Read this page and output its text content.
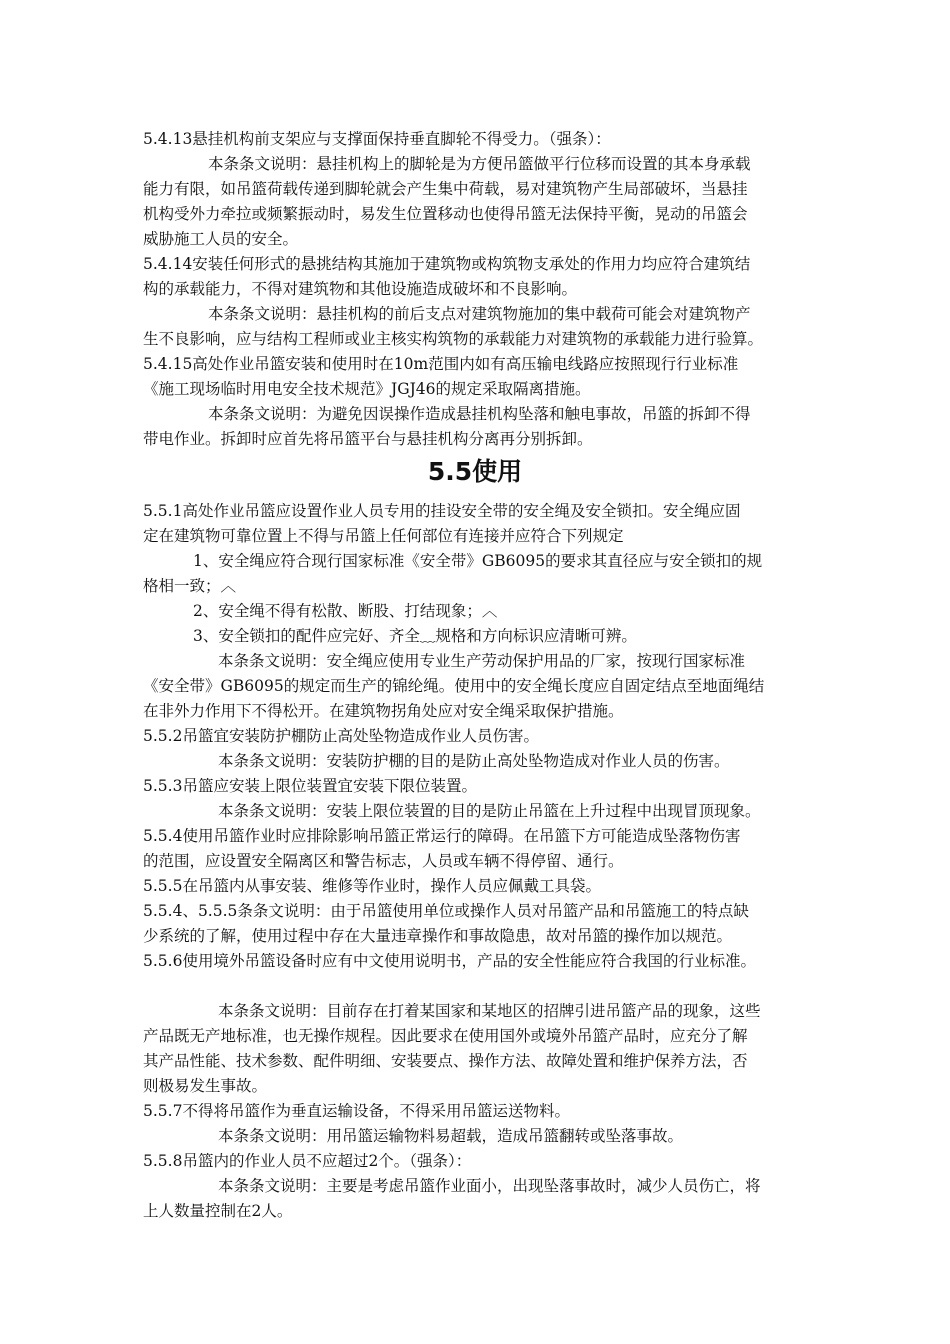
5.4.13悬挂机构前支架应与支撑面保持垂直脚轮不得受力。（强条）：
本条条文说明：悬挂机构上的脚轮是为方便吊篮做平行位移而设置的其本身承载
能力有限，如吊篮荷载传递到脚轮就会产生集中荷载，易对建筑物产生局部破坏，当悬挂
机构受外力牵拉或频繁振动时，易发生位置移动也使得吊篮无法保持平衡，晃动的吊篮会
威胁施工人员的安全。
5.4.14安装任何形式的悬挑结构其施加于建筑物或构筑物支承处的作用力均应符合建筑结
构的承载能力，不得对建筑物和其他设施造成破坏和不良影响。
本条条文说明：悬挂机构的前后支点对建筑物施加的集中载荷可能会对建筑物产
生不良影响，应与结构工程师或业主核实构筑物的承载能力对建筑物的承载能力进行验算。
5.4.15高处作业吊篮安装和使用时在10m范围内如有高压输电线路应按照现行行业标准
《施工现场临时用电安全技术规范》JGJ46的规定采取隔离措施。
本条条文说明：为避免因误操作造成悬挂机构坠落和触电事故，吊篮的拆卸不得
带电作业。拆卸时应首先将吊篮平台与悬挂机构分离再分别拆卸。
5.5使用
5.5.1高处作业吊篮应设置作业人员专用的挂设安全带的安全绳及安全锁扣。安全绳应固
定在建筑物可靠位置上不得与吊篮上任何部位有连接并应符合下列规定
1、安全绳应符合现行国家标准《安全带》GB6095的要求其直径应与安全锁扣的规
格相一致；︿
2、安全绳不得有松散、断股、打结现象；︿
3、安全锁扣的配件应完好、齐全﹏规格和方向标识应清晰可辨。
本条条文说明：安全绳应使用专业生产劳动保护用品的厂家，按现行国家标准
《安全带》GB6095的规定而生产的锦纶绳。使用中的安全绳长度应自固定结点至地面绳结
在非外力作用下不得松开。在建筑物拐角处应对安全绳采取保护措施。
5.5.2吊篮宜安装防护棚防止高处坠物造成作业人员伤害。
本条条文说明：安装防护棚的目的是防止高处坠物造成对作业人员的伤害。
5.5.3吊篮应安装上限位装置宜安装下限位装置。
本条条文说明：安装上限位装置的目的是防止吊篮在上升过程中出现冒顶现象。
5.5.4使用吊篮作业时应排除影响吊篮正常运行的障碍。在吊篮下方可能造成坠落物伤害
的范围，应设置安全隔离区和警告标志，人员或车辆不得停留、通行。
5.5.5在吊篮内从事安装、维修等作业时，操作人员应佩戴工具袋。
5.5.4、5.5.5条条文说明：由于吊篮使用单位或操作人员对吊篮产品和吊篮施工的特点缺
少系统的了解，使用过程中存在大量违章操作和事故隐患，故对吊篮的操作加以规范。
5.5.6使用境外吊篮设备时应有中文使用说明书，产品的安全性能应符合我国的行业标准。
本条条文说明：目前存在打着某国家和某地区的招牌引进吊篮产品的现象，这些
产品既无产地标准，也无操作规程。因此要求在使用国外或境外吊篮产品时，应充分了解
其产品性能、技术参数、配件明细、安装要点、操作方法、故障处置和维护保养方法，否
则极易发生事故。
5.5.7不得将吊篮作为垂直运输设备，不得采用吊篮运送物料。
本条条文说明：用吊篮运输物料易超载，造成吊篮翻转或坠落事故。
5.5.8吊篮内的作业人员不应超过2个。（强条）：
本条条文说明：主要是考虑吊篮作业面小，出现坠落事故时，减少人员伤亡，将
上人数量控制在2人。
